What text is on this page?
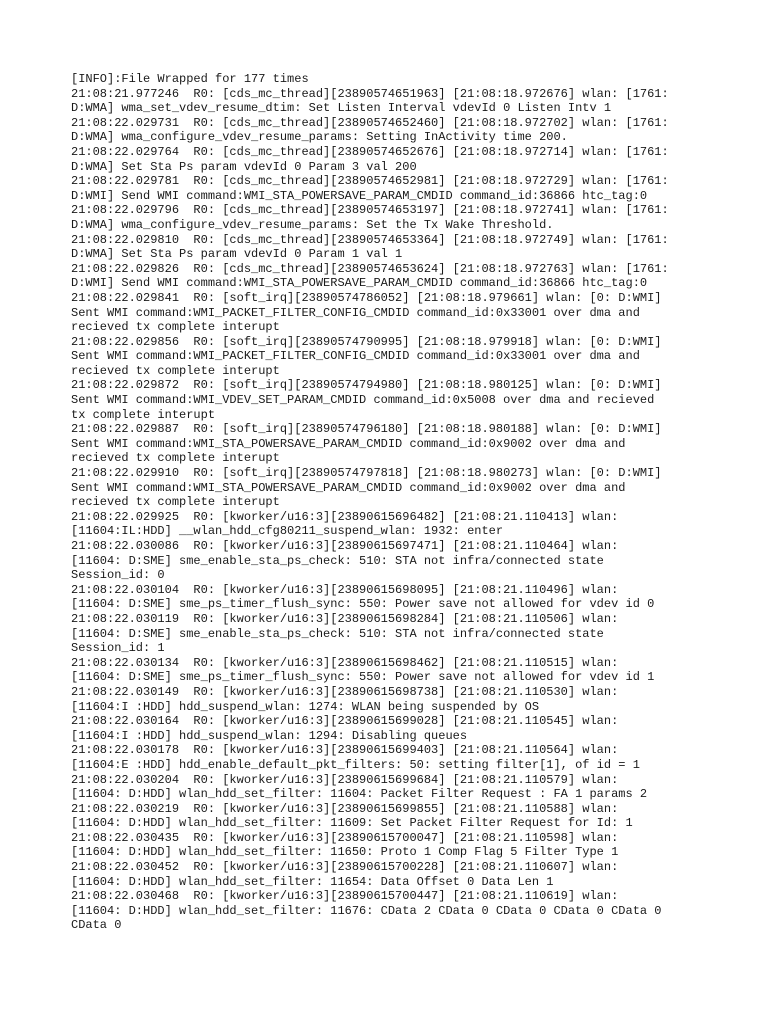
[INFO]:File Wrapped for 177 times
21:08:21.977246  R0: [cds_mc_thread][23890574651963] [21:08:18.972676] wlan: [1761:
D:WMA] wma_set_vdev_resume_dtim: Set Listen Interval vdevId 0 Listen Intv 1
21:08:22.029731  R0: [cds_mc_thread][23890574652460] [21:08:18.972702] wlan: [1761:
D:WMA] wma_configure_vdev_resume_params: Setting InActivity time 200.
21:08:22.029764  R0: [cds_mc_thread][23890574652676] [21:08:18.972714] wlan: [1761:
D:WMA] Set Sta Ps param vdevId 0 Param 3 val 200
21:08:22.029781  R0: [cds_mc_thread][23890574652981] [21:08:18.972729] wlan: [1761:
D:WMI] Send WMI command:WMI_STA_POWERSAVE_PARAM_CMDID command_id:36866 htc_tag:0
21:08:22.029796  R0: [cds_mc_thread][23890574653197] [21:08:18.972741] wlan: [1761:
D:WMA] wma_configure_vdev_resume_params: Set the Tx Wake Threshold.
21:08:22.029810  R0: [cds_mc_thread][23890574653364] [21:08:18.972749] wlan: [1761:
D:WMA] Set Sta Ps param vdevId 0 Param 1 val 1
21:08:22.029826  R0: [cds_mc_thread][23890574653624] [21:08:18.972763] wlan: [1761:
D:WMI] Send WMI command:WMI_STA_POWERSAVE_PARAM_CMDID command_id:36866 htc_tag:0
21:08:22.029841  R0: [soft_irq][23890574786052] [21:08:18.979661] wlan: [0: D:WMI]
Sent WMI command:WMI_PACKET_FILTER_CONFIG_CMDID command_id:0x33001 over dma and
recieved tx complete interupt
21:08:22.029856  R0: [soft_irq][23890574790995] [21:08:18.979918] wlan: [0: D:WMI]
Sent WMI command:WMI_PACKET_FILTER_CONFIG_CMDID command_id:0x33001 over dma and
recieved tx complete interupt
21:08:22.029872  R0: [soft_irq][23890574794980] [21:08:18.980125] wlan: [0: D:WMI]
Sent WMI command:WMI_VDEV_SET_PARAM_CMDID command_id:0x5008 over dma and recieved
tx complete interupt
21:08:22.029887  R0: [soft_irq][23890574796180] [21:08:18.980188] wlan: [0: D:WMI]
Sent WMI command:WMI_STA_POWERSAVE_PARAM_CMDID command_id:0x9002 over dma and
recieved tx complete interupt
21:08:22.029910  R0: [soft_irq][23890574797818] [21:08:18.980273] wlan: [0: D:WMI]
Sent WMI command:WMI_STA_POWERSAVE_PARAM_CMDID command_id:0x9002 over dma and
recieved tx complete interupt
21:08:22.029925  R0: [kworker/u16:3][23890615696482] [21:08:21.110413] wlan:
[11604:IL:HDD] __wlan_hdd_cfg80211_suspend_wlan: 1932: enter
21:08:22.030086  R0: [kworker/u16:3][23890615697471] [21:08:21.110464] wlan:
[11604: D:SME] sme_enable_sta_ps_check: 510: STA not infra/connected state
Session_id: 0
21:08:22.030104  R0: [kworker/u16:3][23890615698095] [21:08:21.110496] wlan:
[11604: D:SME] sme_ps_timer_flush_sync: 550: Power save not allowed for vdev id 0
21:08:22.030119  R0: [kworker/u16:3][23890615698284] [21:08:21.110506] wlan:
[11604: D:SME] sme_enable_sta_ps_check: 510: STA not infra/connected state
Session_id: 1
21:08:22.030134  R0: [kworker/u16:3][23890615698462] [21:08:21.110515] wlan:
[11604: D:SME] sme_ps_timer_flush_sync: 550: Power save not allowed for vdev id 1
21:08:22.030149  R0: [kworker/u16:3][23890615698738] [21:08:21.110530] wlan:
[11604:I :HDD] hdd_suspend_wlan: 1274: WLAN being suspended by OS
21:08:22.030164  R0: [kworker/u16:3][23890615699028] [21:08:21.110545] wlan:
[11604:I :HDD] hdd_suspend_wlan: 1294: Disabling queues
21:08:22.030178  R0: [kworker/u16:3][23890615699403] [21:08:21.110564] wlan:
[11604:E :HDD] hdd_enable_default_pkt_filters: 50: setting filter[1], of id = 1
21:08:22.030204  R0: [kworker/u16:3][23890615699684] [21:08:21.110579] wlan:
[11604: D:HDD] wlan_hdd_set_filter: 11604: Packet Filter Request : FA 1 params 2
21:08:22.030219  R0: [kworker/u16:3][23890615699855] [21:08:21.110588] wlan:
[11604: D:HDD] wlan_hdd_set_filter: 11609: Set Packet Filter Request for Id: 1
21:08:22.030435  R0: [kworker/u16:3][23890615700047] [21:08:21.110598] wlan:
[11604: D:HDD] wlan_hdd_set_filter: 11650: Proto 1 Comp Flag 5 Filter Type 1
21:08:22.030452  R0: [kworker/u16:3][23890615700228] [21:08:21.110607] wlan:
[11604: D:HDD] wlan_hdd_set_filter: 11654: Data Offset 0 Data Len 1
21:08:22.030468  R0: [kworker/u16:3][23890615700447] [21:08:21.110619] wlan:
[11604: D:HDD] wlan_hdd_set_filter: 11676: CData 2 CData 0 CData 0 CData 0 CData 0
CData 0
